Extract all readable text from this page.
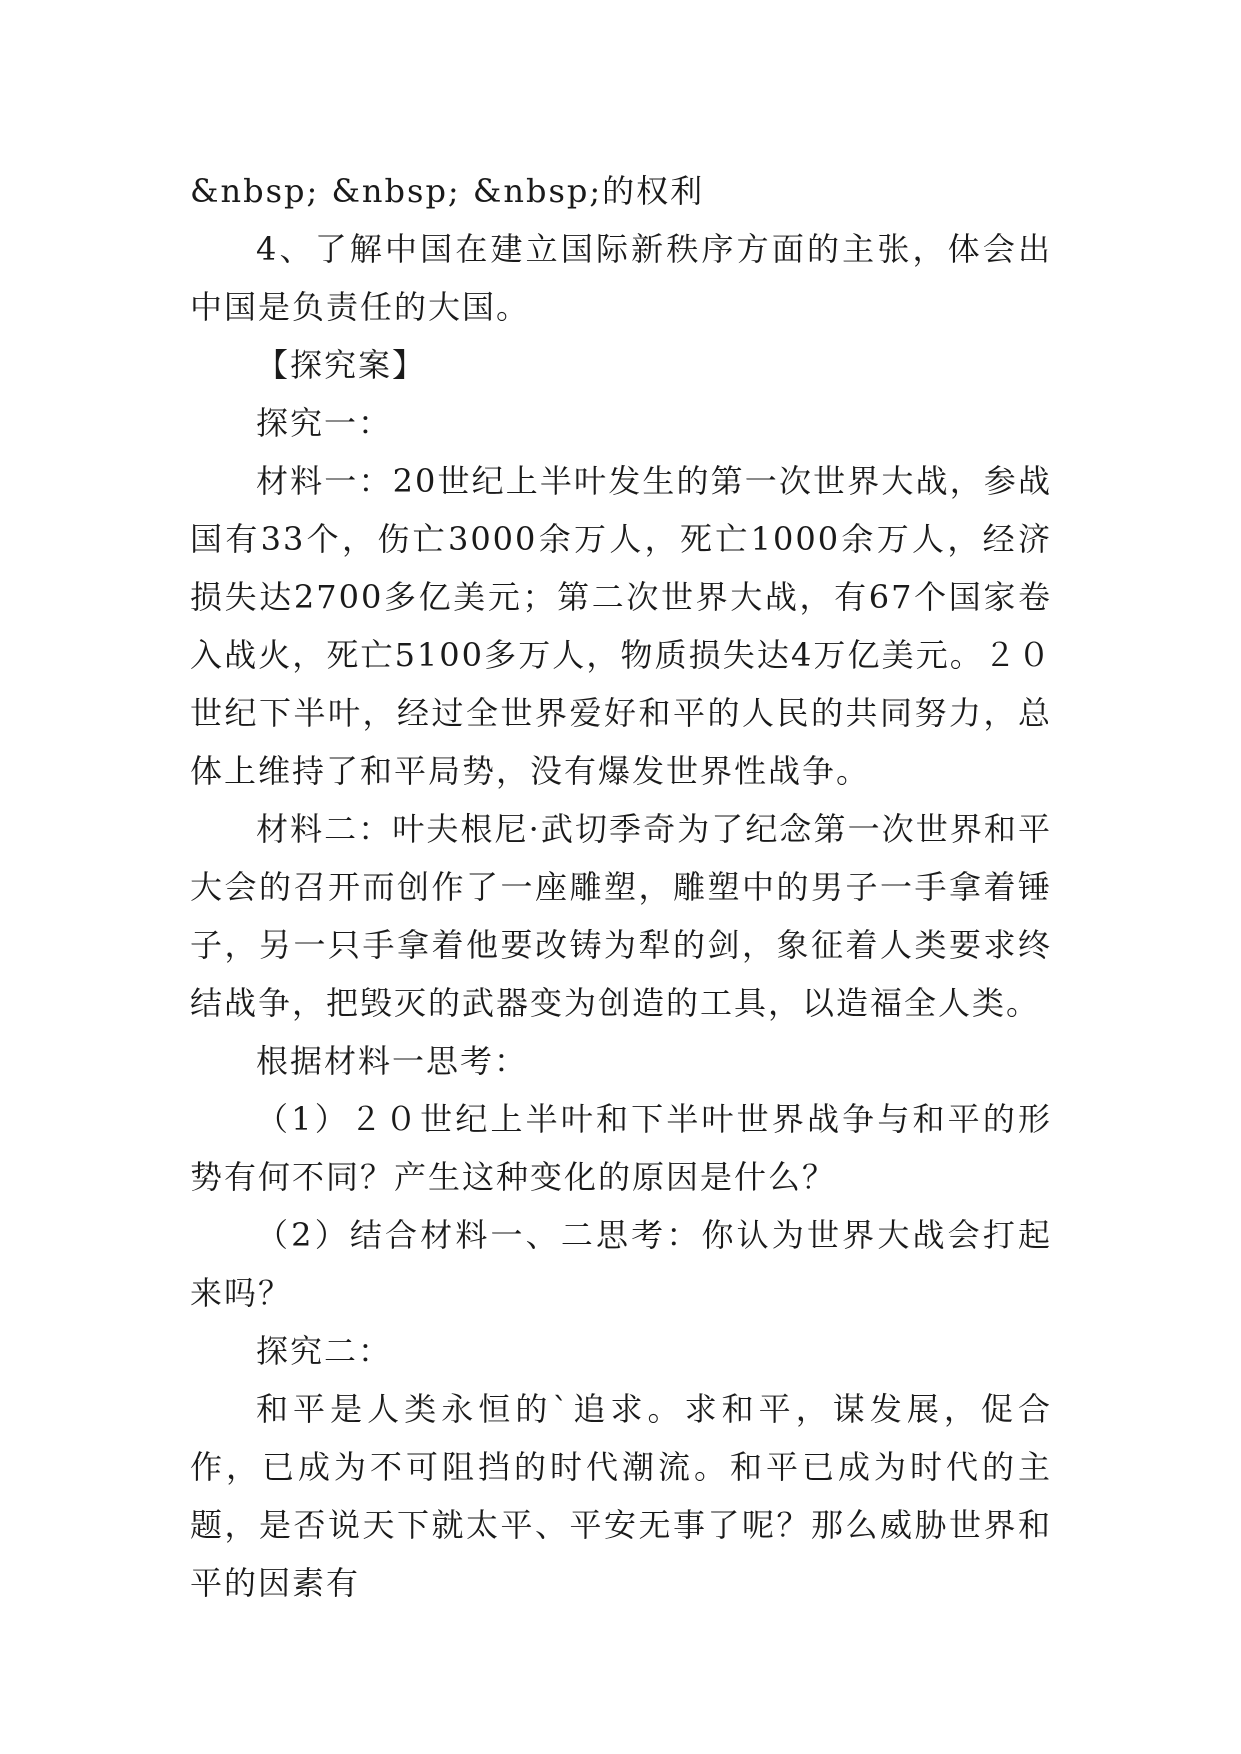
&nbsp; &nbsp; &nbsp;的权利

4、了解中国在建立国际新秩序方面的主张，体会出中国是负责任的大国。

【探究案】

探究一：

材料一：20世纪上半叶发生的第一次世界大战，参战国有33个，伤亡3000余万人，死亡1000余万人，经济损失达2700多亿美元；第二次世界大战，有67个国家卷入战火，死亡5100多万人，物质损失达4万亿美元。２０世纪下半叶，经过全世界爱好和平的人民的共同努力，总体上维持了和平局势，没有爆发世界性战争。

材料二：叶夫根尼·武切季奇为了纪念第一次世界和平大会的召开而创作了一座雕塑，雕塑中的男子一手拿着锤子，另一只手拿着他要改铸为犁的剑，象征着人类要求终结战争，把毁灭的武器变为创造的工具，以造福全人类。

根据材料一思考：

（1）２０世纪上半叶和下半叶世界战争与和平的形势有何不同？产生这种变化的原因是什么？

（2）结合材料一、二思考：你认为世界大战会打起来吗？

探究二：

和平是人类永恒的`追求。求和平，谋发展，促合作，已成为不可阻挡的时代潮流。和平已成为时代的主题，是否说天下就太平、平安无事了呢？那么威胁世界和平的因素有
